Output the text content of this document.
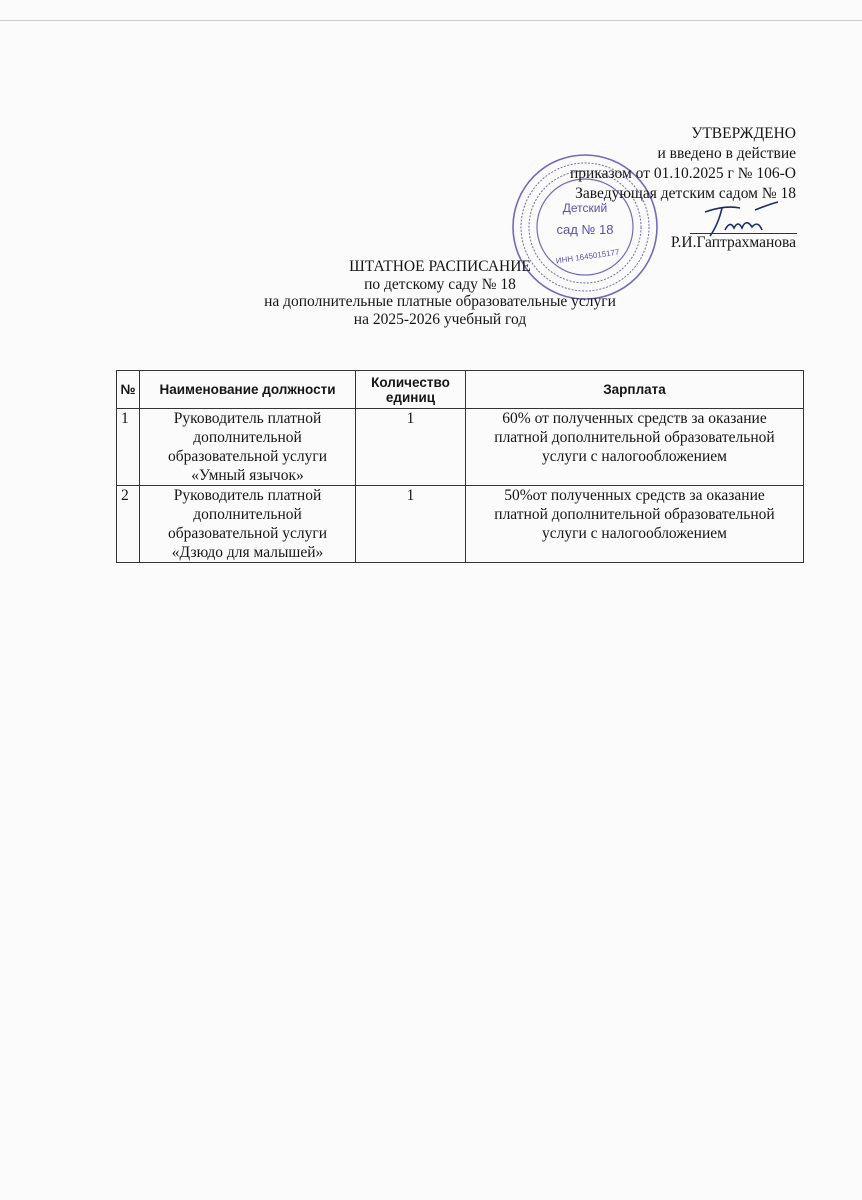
Детский
сад № 18
ИНН 1645015177
УТВЕРЖДЕНО
и введено в действие
приказом от 01.10.2025 г № 106-О
Заведующая детским садом № 18
Р.И.Гаптрахманова
ШТАТНОЕ РАСПИСАНИЕ
по детскому саду № 18
на дополнительные платные образовательные услуги
на 2025-2026 учебный год
№	Наименование должности	Количество единиц	Зарплата
1	Руководитель платной дополнительной образовательной услуги «Умный язычок»	1	60% от полученных средств за оказание платной дополнительной образовательной услуги с налогообложением
2	Руководитель платной дополнительной образовательной услуги «Дзюдо для малышей»	1	50%от полученных средств за оказание платной дополнительной образовательной услуги с налогообложением
